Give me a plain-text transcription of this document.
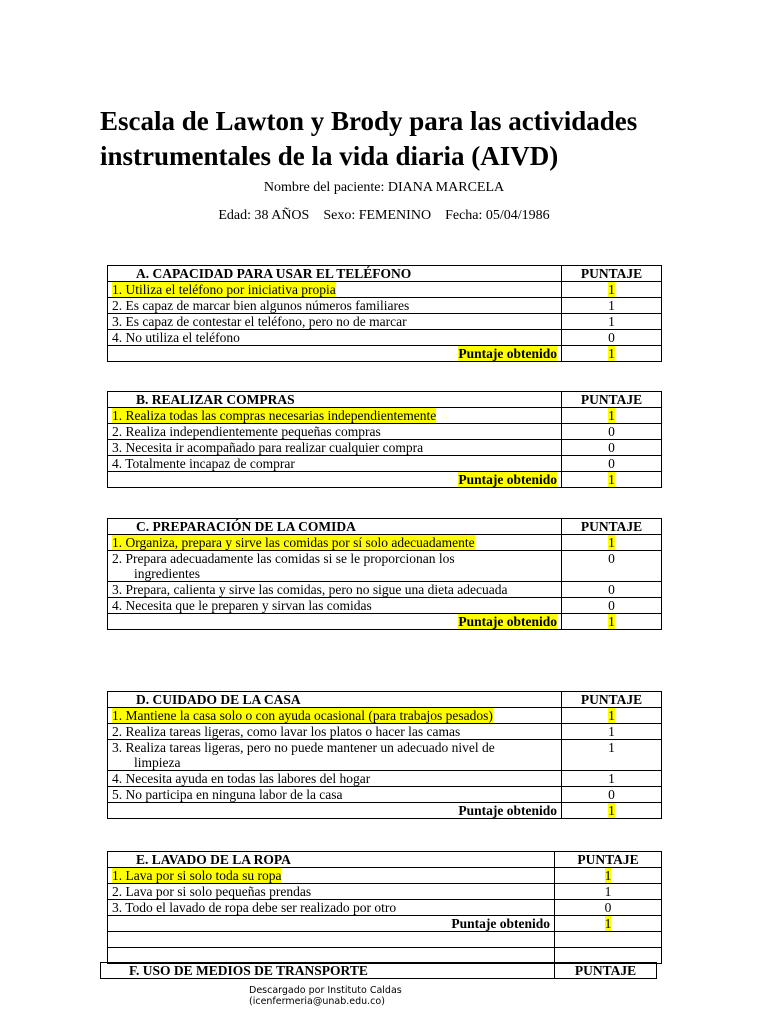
Escala de Lawton y Brody para las actividades instrumentales de la vida diaria (AIVD)
Nombre del paciente: DIANA MARCELA
Edad: 38 AÑOS Sexo: FEMENINO Fecha: 05/04/1986
A. CAPACIDAD PARA USAR EL TELÉFONO	PUNTAJE
1. Utiliza el teléfono por iniciativa propia	1
2. Es capaz de marcar bien algunos números familiares	1
3. Es capaz de contestar el teléfono, pero no de marcar	1
4. No utiliza el teléfono	0
Puntaje obtenido	1
B. REALIZAR COMPRAS	PUNTAJE
1. Realiza todas las compras necesarias independientemente	1
2. Realiza independientemente pequeñas compras	0
3. Necesita ir acompañado para realizar cualquier compra	0
4. Totalmente incapaz de comprar	0
Puntaje obtenido	1
C. PREPARACIÓN DE LA COMIDA	PUNTAJE
1. Organiza, prepara y sirve las comidas por sí solo adecuadamente	1
2. Prepara adecuadamente las comidas si se le proporcionan los
ingredientes	0
3. Prepara, calienta y sirve las comidas, pero no sigue una dieta adecuada	0
4. Necesita que le preparen y sirvan las comidas	0
Puntaje obtenido	1
D. CUIDADO DE LA CASA	PUNTAJE
1. Mantiene la casa solo o con ayuda ocasional (para trabajos pesados)	1
2. Realiza tareas ligeras, como lavar los platos o hacer las camas	1
3. Realiza tareas ligeras, pero no puede mantener un adecuado nivel de
limpieza	1
4. Necesita ayuda en todas las labores del hogar	1
5. No participa en ninguna labor de la casa	0
Puntaje obtenido	1
E. LAVADO DE LA ROPA	PUNTAJE
1. Lava por si solo toda su ropa	1
2. Lava por si solo pequeñas prendas	1
3. Todo el lavado de ropa debe ser realizado por otro	0
Puntaje obtenido	1

F. USO DE MEDIOS DE TRANSPORTE	PUNTAJE
Descargado por Instituto Caldas
(icenfermeria@unab.edu.co)
